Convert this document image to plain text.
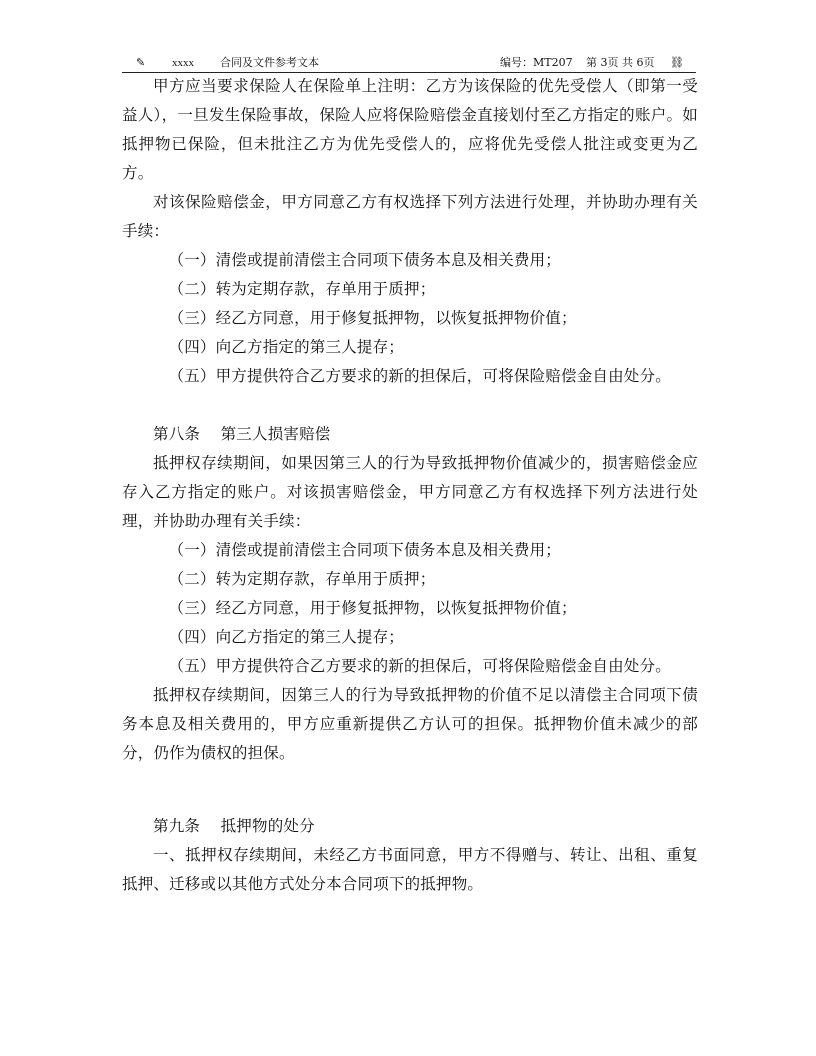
✎ xxxx 合同及文件参考文本	编号：MT207 第 3页 共 6页 ⛓

甲方应当要求保险人在保险单上注明：乙方为该保险的优先受偿人（即第一受益人），一旦发生保险事故，保险人应将保险赔偿金直接划付至乙方指定的账户。如抵押物已保险，但未批注乙方为优先受偿人的，应将优先受偿人批注或变更为乙方。

对该保险赔偿金，甲方同意乙方有权选择下列方法进行处理，并协助办理有关手续：

（一）清偿或提前清偿主合同项下债务本息及相关费用；

（二）转为定期存款，存单用于质押；

（三）经乙方同意，用于修复抵押物，以恢复抵押物价值；

（四）向乙方指定的第三人提存；

（五）甲方提供符合乙方要求的新的担保后，可将保险赔偿金自由处分。

第八条    第三人损害赔偿

抵押权存续期间，如果因第三人的行为导致抵押物价值减少的，损害赔偿金应存入乙方指定的账户。对该损害赔偿金，甲方同意乙方有权选择下列方法进行处理，并协助办理有关手续：

（一）清偿或提前清偿主合同项下债务本息及相关费用；

（二）转为定期存款，存单用于质押；

（三）经乙方同意，用于修复抵押物，以恢复抵押物价值；

（四）向乙方指定的第三人提存；

（五）甲方提供符合乙方要求的新的担保后，可将保险赔偿金自由处分。

抵押权存续期间，因第三人的行为导致抵押物的价值不足以清偿主合同项下债务本息及相关费用的，甲方应重新提供乙方认可的担保。抵押物价值未减少的部分，仍作为债权的担保。

第九条    抵押物的处分

一、抵押权存续期间，未经乙方书面同意，甲方不得赠与、转让、出租、重复抵押、迁移或以其他方式处分本合同项下的抵押物。
